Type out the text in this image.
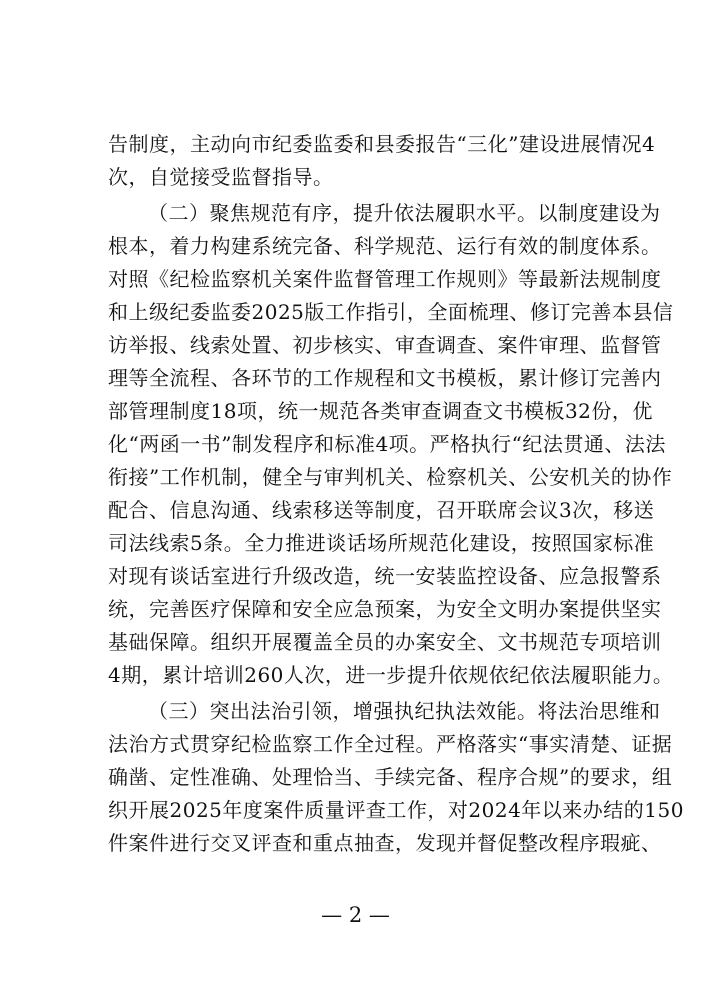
告制度，主动向市纪委监委和县委报告“三化”建设进展情况4
次，自觉接受监督指导。
（二）聚焦规范有序，提升依法履职水平。以制度建设为
根本，着力构建系统完备、科学规范、运行有效的制度体系。
对照《纪检监察机关案件监督管理工作规则》等最新法规制度
和上级纪委监委2025版工作指引，全面梳理、修订完善本县信
访举报、线索处置、初步核实、审查调查、案件审理、监督管
理等全流程、各环节的工作规程和文书模板，累计修订完善内
部管理制度18项，统一规范各类审查调查文书模板32份，优
化“两函一书”制发程序和标准4项。严格执行“纪法贯通、法法
衔接”工作机制，健全与审判机关、检察机关、公安机关的协作
配合、信息沟通、线索移送等制度，召开联席会议3次，移送
司法线索5条。全力推进谈话场所规范化建设，按照国家标准
对现有谈话室进行升级改造，统一安装监控设备、应急报警系
统，完善医疗保障和安全应急预案，为安全文明办案提供坚实
基础保障。组织开展覆盖全员的办案安全、文书规范专项培训
4期，累计培训260人次，进一步提升依规依纪依法履职能力。
（三）突出法治引领，增强执纪执法效能。将法治思维和
法治方式贯穿纪检监察工作全过程。严格落实“事实清楚、证据
确凿、定性准确、处理恰当、手续完备、程序合规”的要求，组
织开展2025年度案件质量评查工作，对2024年以来办结的150
件案件进行交叉评查和重点抽查，发现并督促整改程序瑕疵、
— 2 —
